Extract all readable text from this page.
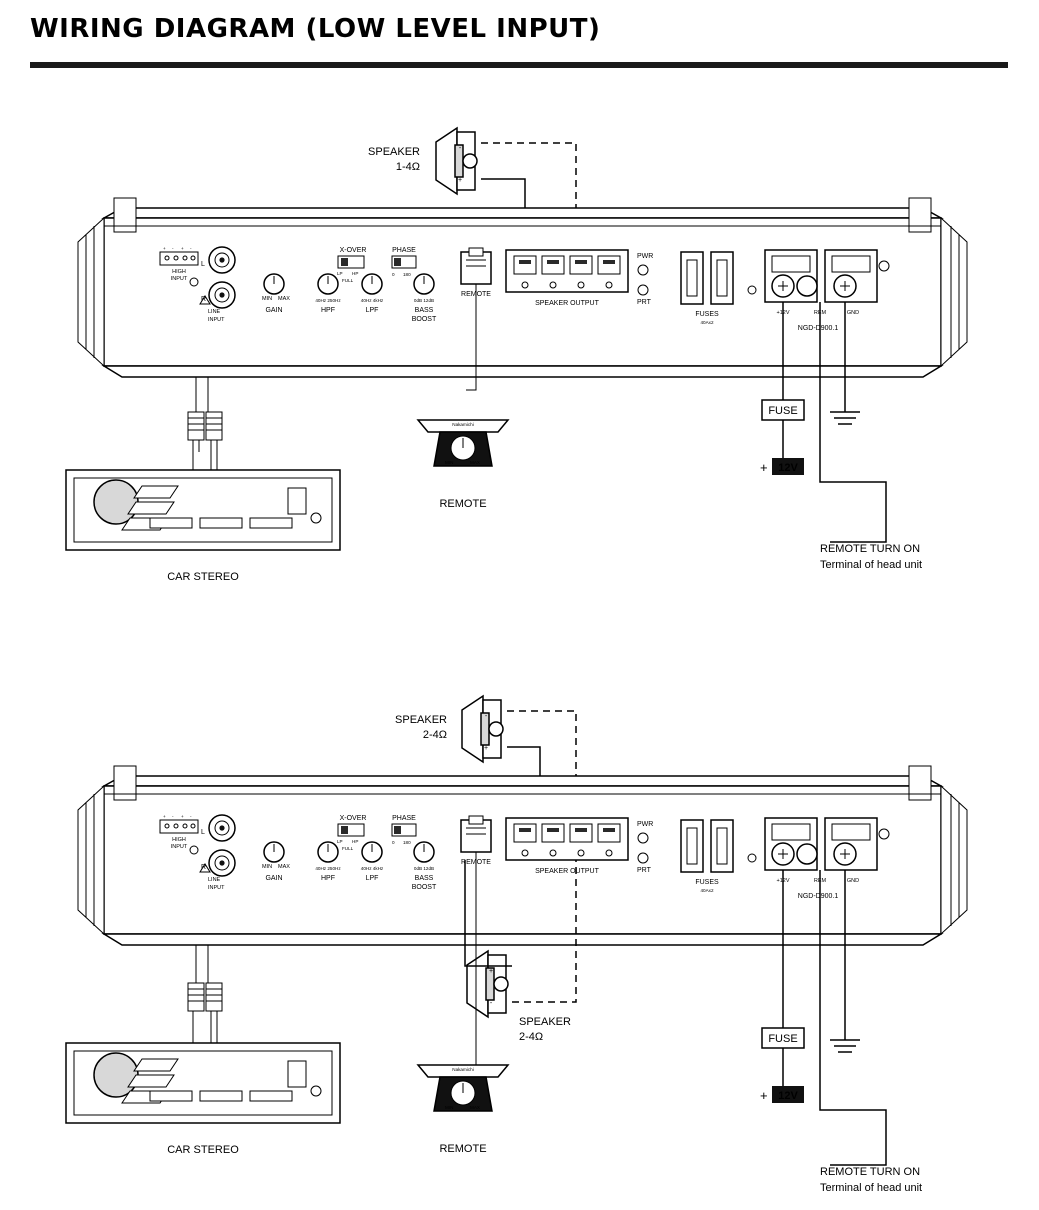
WIRING DIAGRAM (LOW LEVEL INPUT)
-
+
SPEAKER
1-4Ω
+ - + -
HIGH
INPUT
L
R
LINE
INPUT
MIN MAX
GAIN
X-OVER
LP HP
FULL
40Hz 250Hz
HPF
40Hz 4kHz
LPF
PHASE
0 180
0dB 12dB
BASS
BOOST
REMOTE
SPEAKER OUTPUT
PWR
PRT
FUSES
40Ax2
+12V	REM	GND
NGD-D900.1
CAR STEREO
Nakamichi
MIN	MAX
REMOTE
FUSE
+ 12V
REMOTE TURN ON
Terminal of head unit
-
+
SPEAKER
2-4Ω
+ - + -
HIGH
INPUT
L
R
LINE
INPUT
MIN MAX
GAIN
X-OVER
LP HP
FULL
40Hz 250Hz
HPF
40Hz 4kHz
LPF
PHASE
0 180
0dB 12dB
BASS
BOOST
REMOTE
SPEAKER OUTPUT
PWR
PRT
FUSES
40Ax2
+12V	REM	GND
NGD-D900.1
+
-
SPEAKER
2-4Ω
CAR STEREO
Nakamichi
MIN	MAX
REMOTE
FUSE
+ 12V
REMOTE TURN ON
Terminal of head unit
